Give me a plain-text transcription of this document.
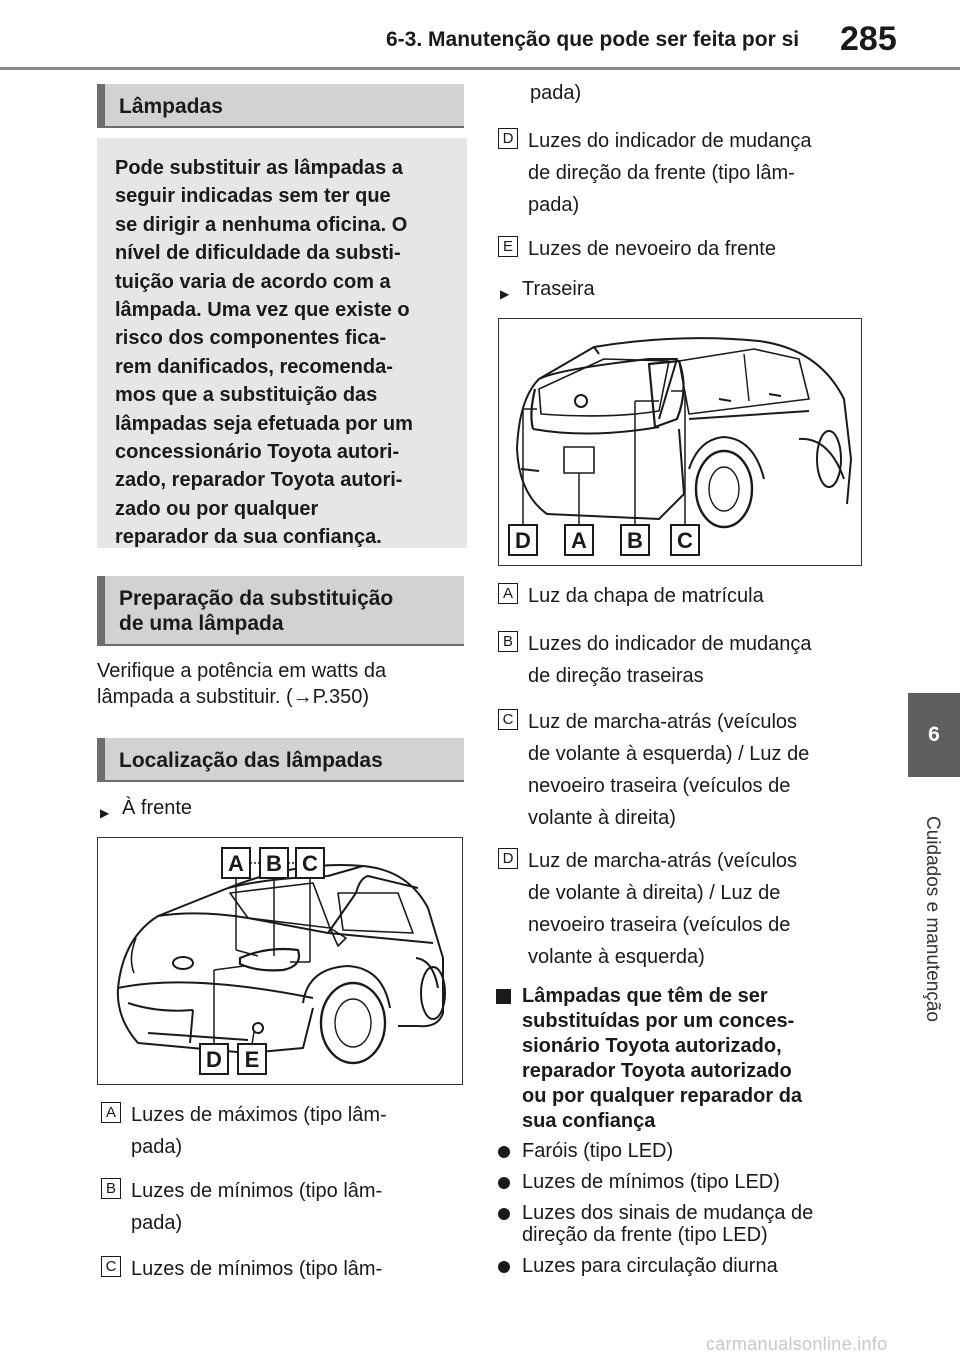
6-3. Manutenção que pode ser feita por si 285
6
Cuidados e manutenção
Lâmpadas
Pode substituir as lâmpadas a
seguir indicadas sem ter que
se dirigir a nenhuma oficina. O
nível de dificuldade da substi-
tuição varia de acordo com a
lâmpada. Uma vez que existe o
risco dos componentes fica-
rem danificados, recomenda-
mos que a substituição das
lâmpadas seja efetuada por um
concessionário Toyota autori-
zado, reparador Toyota autori-
zado ou por qualquer
reparador da sua confiança.
Preparação da substituição
de uma lâmpada
Verifique a potência em watts da
lâmpada a substituir. (→P.350)
Localização das lâmpadas
▶ À frente
A B C
D E
A Luzes de máximos (tipo lâm-
pada)
B Luzes de mínimos (tipo lâm-
pada)
C Luzes de mínimos (tipo lâm-
pada)
D Luzes do indicador de mudança
de direção da frente (tipo lâm-
pada)
E Luzes de nevoeiro da frente
▶ Traseira
D A B C
A Luz da chapa de matrícula
B Luzes do indicador de mudança
de direção traseiras
C Luz de marcha-atrás (veículos
de volante à esquerda) / Luz de
nevoeiro traseira (veículos de
volante à direita)
D Luz de marcha-atrás (veículos
de volante à direita) / Luz de
nevoeiro traseira (veículos de
volante à esquerda)
Lâmpadas que têm de ser
substituídas por um conces-
sionário Toyota autorizado,
reparador Toyota autorizado
ou por qualquer reparador da
sua confiança
Faróis (tipo LED)
Luzes de mínimos (tipo LED)
Luzes dos sinais de mudança de
direção da frente (tipo LED)
Luzes para circulação diurna
carmanualsonline.info
